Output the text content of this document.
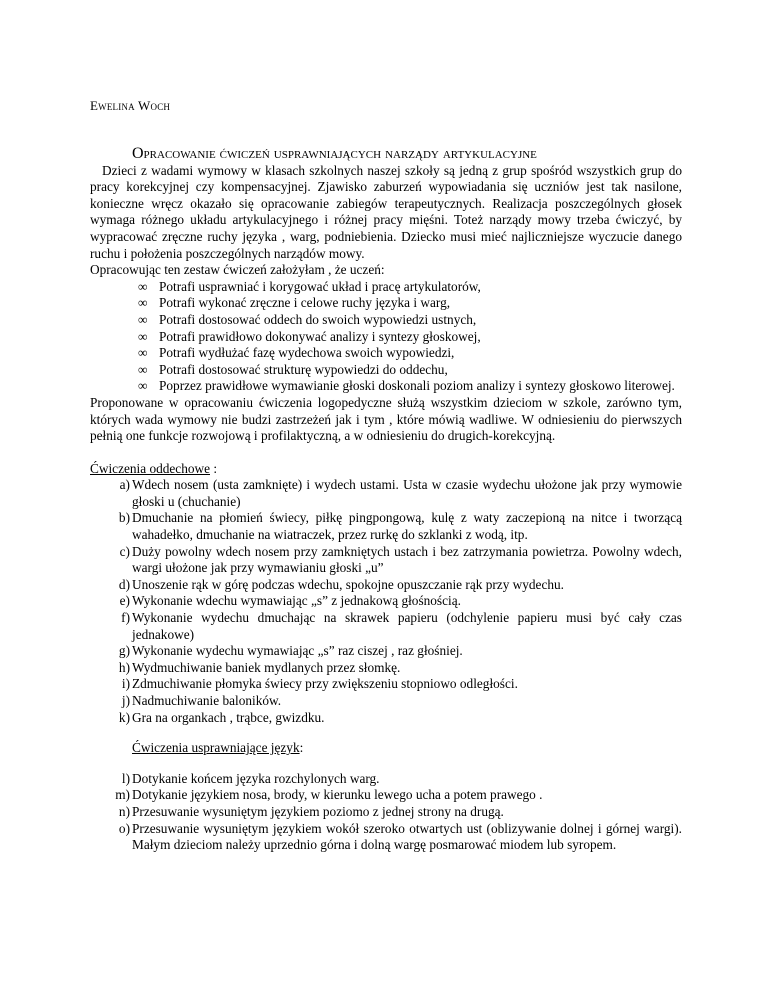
Ewelina Woch
Opracowanie ćwiczeń usprawniających narządy artykulacyjne

Dzieci z wadami wymowy w klasach szkolnych naszej szkoły są jedną z grup spośród wszystkich grup do pracy korekcyjnej czy kompensacyjnej. Zjawisko zaburzeń wypowiadania się uczniów jest tak nasilone, konieczne wręcz okazało się opracowanie zabiegów terapeutycznych. Realizacja poszczególnych głosek wymaga różnego układu artykulacyjnego i różnej pracy mięśni. Toteż narządy mowy trzeba ćwiczyć, by wypracować zręczne ruchy języka , warg, podniebienia. Dziecko musi mieć najliczniejsze wyczucie danego ruchu i położenia poszczególnych narządów mowy.

Opracowując ten zestaw ćwiczeń założyłam , że uczeń:

∞ Potrafi usprawniać i korygować układ i pracę artykulatorów,
∞ Potrafi wykonać zręczne i celowe ruchy języka i warg,
∞ Potrafi dostosować oddech do swoich wypowiedzi ustnych,
∞ Potrafi prawidłowo dokonywać analizy i syntezy głoskowej,
∞ Potrafi wydłużać fazę wydechowa swoich wypowiedzi,
∞ Potrafi dostosować strukturę wypowiedzi do oddechu,
∞ Poprzez prawidłowe wymawianie głoski doskonali poziom analizy i syntezy głoskowo literowej.

Proponowane w opracowaniu ćwiczenia logopedyczne służą wszystkim dzieciom w szkole, zarówno tym, których wada wymowy nie budzi zastrzeżeń jak i tym , które mówią wadliwe. W odniesieniu do pierwszych pełnią one funkcje rozwojową i profilaktyczną, a w odniesieniu do drugich-korekcyjną.

Ćwiczenia oddechowe :

a) Wdech nosem (usta zamknięte) i wydech ustami. Usta w czasie wydechu ułożone jak przy wymowie głoski u (chuchanie)
b) Dmuchanie na płomień świecy, piłkę pingpongową, kulę z waty zaczepioną na nitce i tworzącą wahadełko, dmuchanie na wiatraczek, przez rurkę do szklanki z wodą, itp.
c) Duży powolny wdech nosem przy zamkniętych ustach i bez zatrzymania powietrza. Powolny wdech, wargi ułożone jak przy wymawianiu głoski „u”
d) Unoszenie rąk w górę podczas wdechu, spokojne opuszczanie rąk przy wydechu.
e) Wykonanie wdechu wymawiając „s” z jednakową głośnością.
f) Wykonanie wydechu dmuchając na skrawek papieru (odchylenie papieru musi być cały czas jednakowe)
g) Wykonanie wydechu wymawiając „s” raz ciszej , raz głośniej.
h) Wydmuchiwanie baniek mydlanych przez słomkę.
i) Zdmuchiwanie płomyka świecy przy zwiększeniu stopniowo odległości.
j) Nadmuchiwanie baloników.
k) Gra na organkach , trąbce, gwizdku.

Ćwiczenia usprawniające język:

l) Dotykanie końcem języka rozchylonych warg.
m) Dotykanie językiem nosa, brody, w kierunku lewego ucha a potem prawego .
n) Przesuwanie wysuniętym językiem poziomo z jednej strony na drugą.
o) Przesuwanie wysuniętym językiem wokół szeroko otwartych ust (oblizywanie dolnej i górnej wargi). Małym dzieciom należy uprzednio górna i dolną wargę posmarować miodem lub syropem.
